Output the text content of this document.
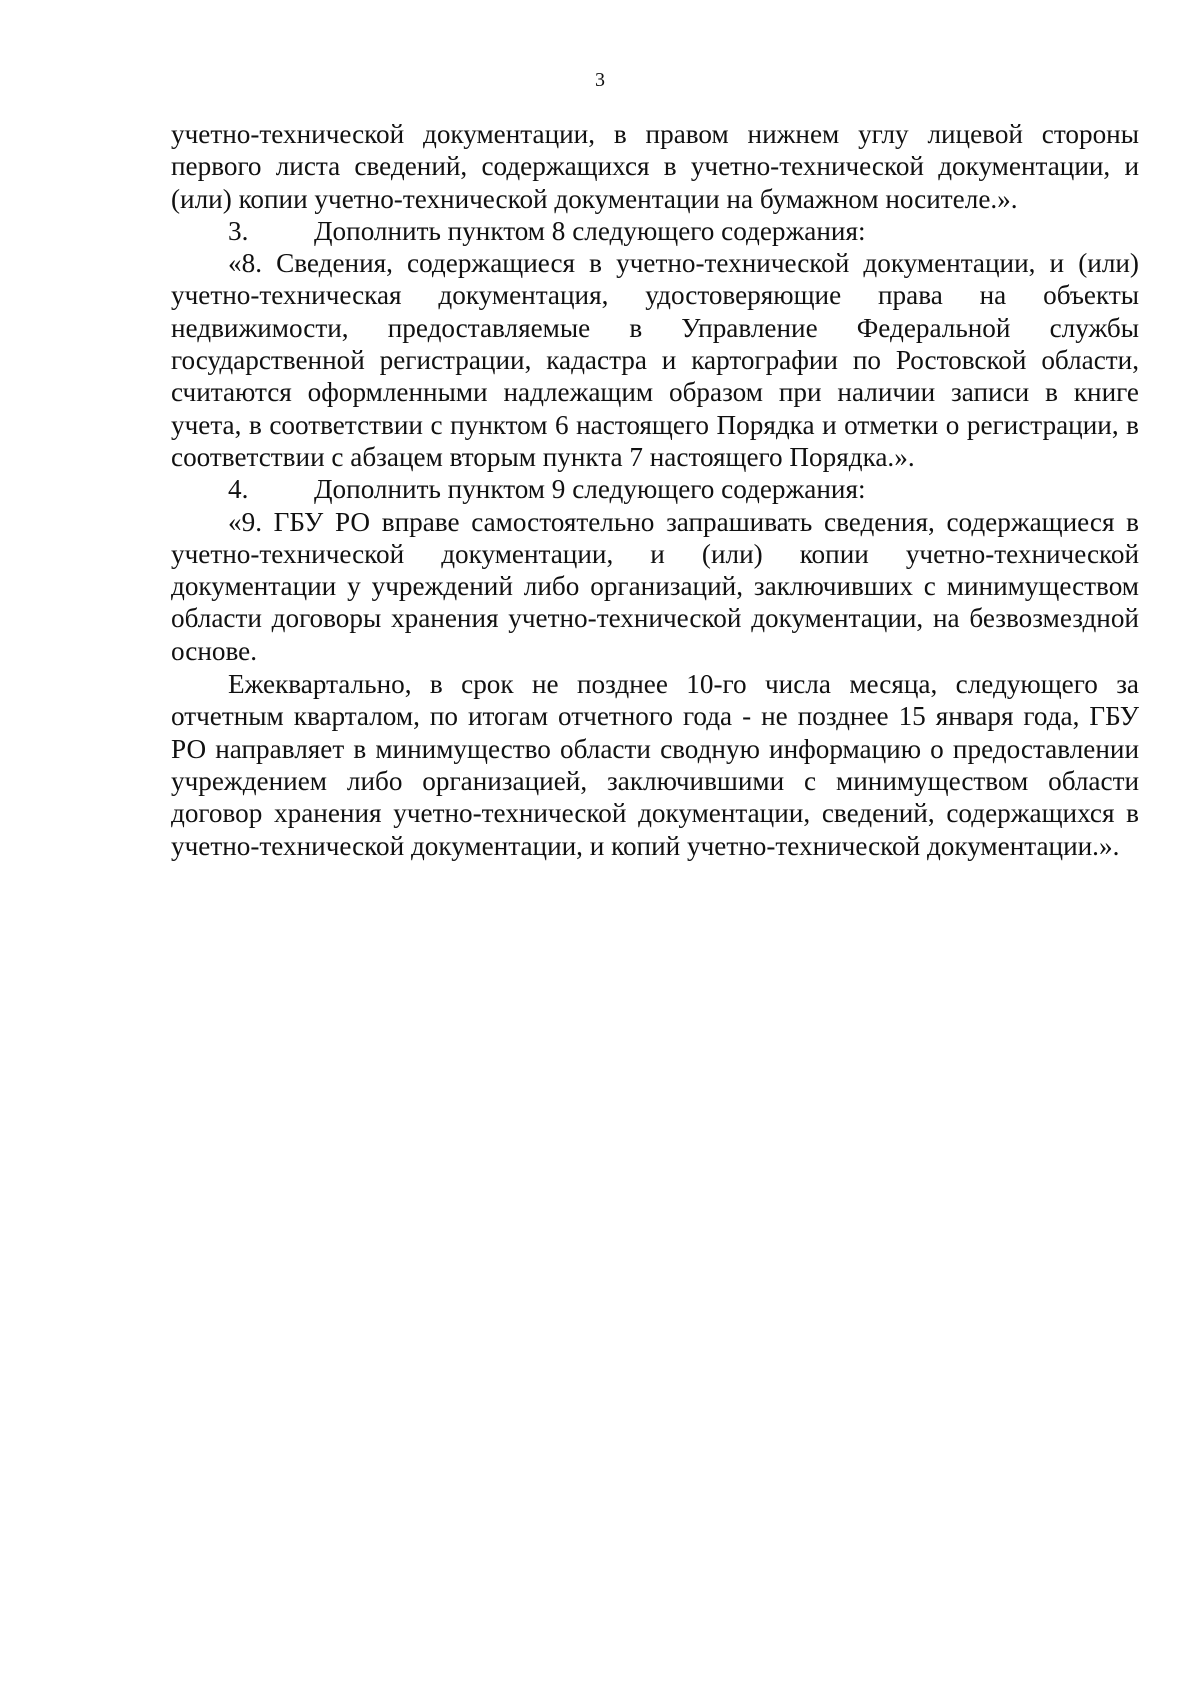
3

учетно-технической документации, в правом нижнем углу лицевой стороны первого листа сведений, содержащихся в учетно-технической документации, и (или) копии учетно-технической документации на бумажном носителе.».

3. Дополнить пунктом 8 следующего содержания:

«8. Сведения, содержащиеся в учетно-технической документации, и (или) учетно-техническая документация, удостоверяющие права на объекты недвижимости, предоставляемые в Управление Федеральной службы государственной регистрации, кадастра и картографии по Ростовской области, считаются оформленными надлежащим образом при наличии записи в книге учета, в соответствии с пунктом 6 настоящего Порядка и отметки о регистрации, в соответствии с абзацем вторым пункта 7 настоящего Порядка.».

4. Дополнить пунктом 9 следующего содержания:

«9. ГБУ РО вправе самостоятельно запрашивать сведения, содержащиеся в учетно-технической документации, и (или) копии учетно-технической документации у учреждений либо организаций, заключивших с минимуществом области договоры хранения учетно-технической документации, на безвозмездной основе.

Ежеквартально, в срок не позднее 10-го числа месяца, следующего за отчетным кварталом, по итогам отчетного года - не позднее 15 января года, ГБУ РО направляет в минимущество области сводную информацию о предоставлении учреждением либо организацией, заключившими с минимуществом области договор хранения учетно-технической документации, сведений, содержащихся в учетно-технической документации, и копий учетно-технической документации.».
